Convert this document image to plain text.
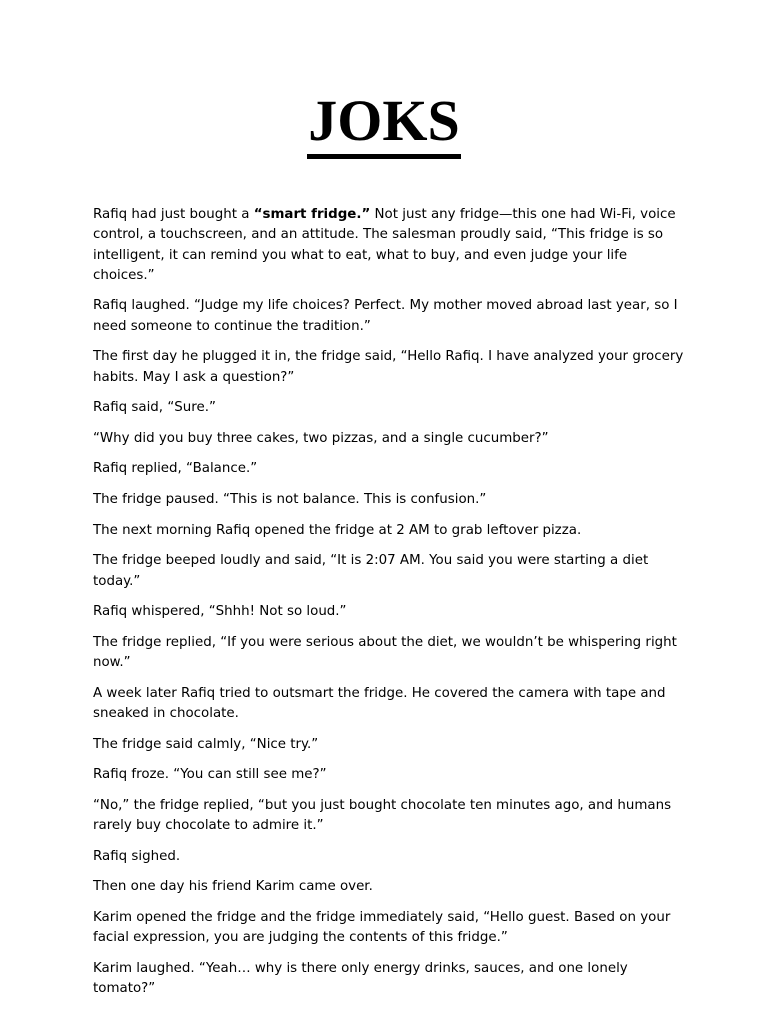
JOKS

Rafiq had just bought a “smart fridge.” Not just any fridge—this one had Wi-Fi, voice control, a touchscreen, and an attitude. The salesman proudly said, “This fridge is so intelligent, it can remind you what to eat, what to buy, and even judge your life choices.”

Rafiq laughed. “Judge my life choices? Perfect. My mother moved abroad last year, so I need someone to continue the tradition.”

The first day he plugged it in, the fridge said, “Hello Rafiq. I have analyzed your grocery habits. May I ask a question?”

Rafiq said, “Sure.”

“Why did you buy three cakes, two pizzas, and a single cucumber?”

Rafiq replied, “Balance.”

The fridge paused. “This is not balance. This is confusion.”

The next morning Rafiq opened the fridge at 2 AM to grab leftover pizza.

The fridge beeped loudly and said, “It is 2:07 AM. You said you were starting a diet today.”

Rafiq whispered, “Shhh! Not so loud.”

The fridge replied, “If you were serious about the diet, we wouldn’t be whispering right now.”

A week later Rafiq tried to outsmart the fridge. He covered the camera with tape and sneaked in chocolate.

The fridge said calmly, “Nice try.”

Rafiq froze. “You can still see me?”

“No,” the fridge replied, “but you just bought chocolate ten minutes ago, and humans rarely buy chocolate to admire it.”

Rafiq sighed.

Then one day his friend Karim came over.

Karim opened the fridge and the fridge immediately said, “Hello guest. Based on your facial expression, you are judging the contents of this fridge.”

Karim laughed. “Yeah… why is there only energy drinks, sauces, and one lonely tomato?”
